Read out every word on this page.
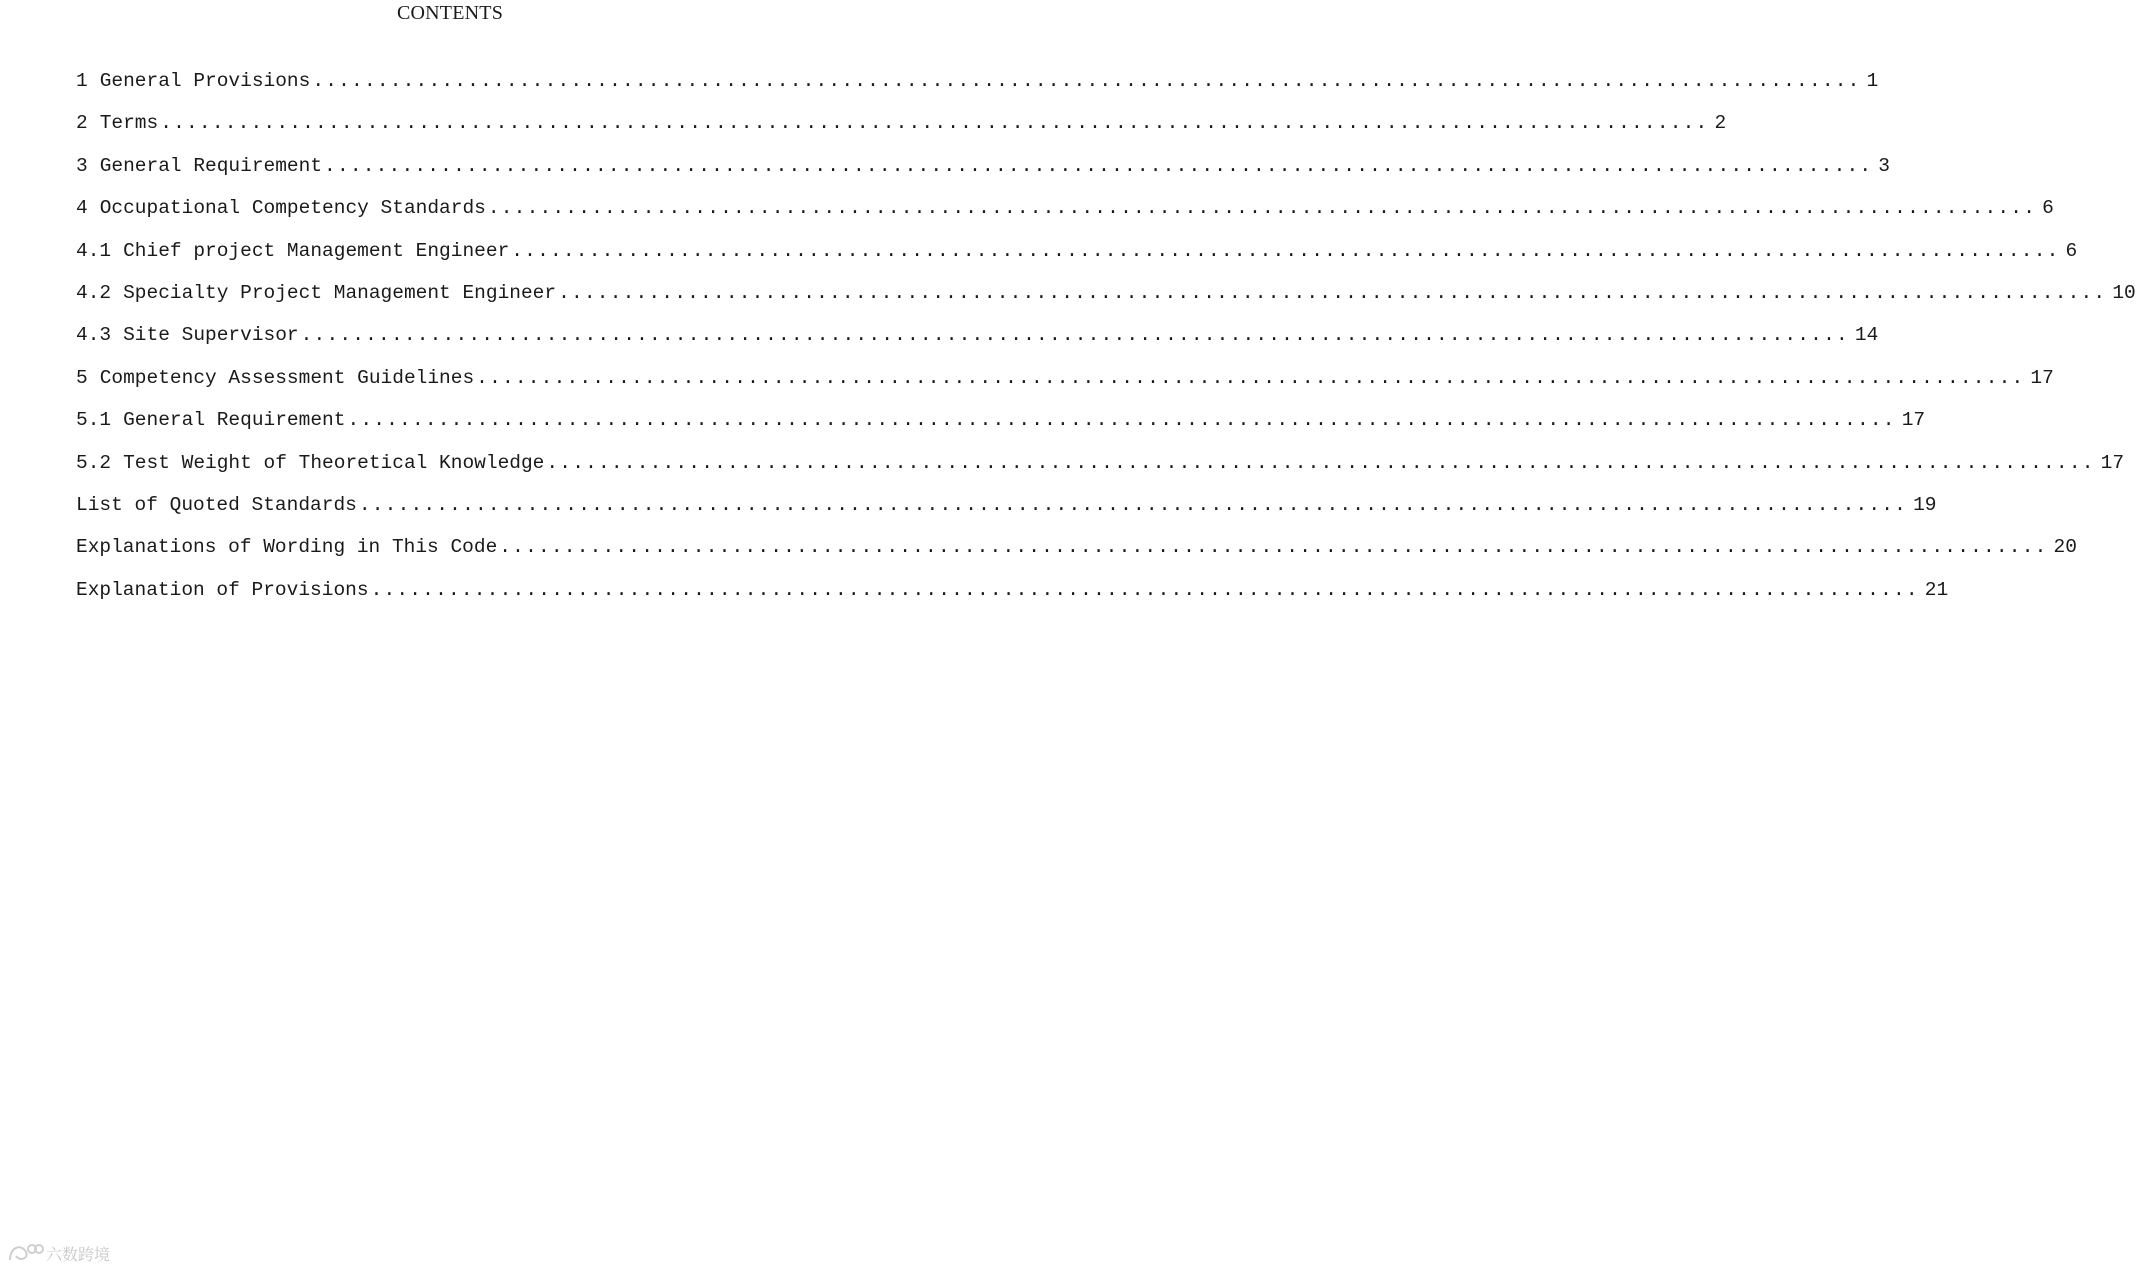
CONTENTS
1 General Provisions ........................................................................................................................ 1
2 Terms ........................................................................................................................ 2
3 General Requirement ........................................................................................................................ 3
4 Occupational Competency Standards ........................................................................................................................ 6
4.1 Chief project Management Engineer ........................................................................................................................ 6
4.2 Specialty Project Management Engineer ........................................................................................................................ 10
4.3 Site Supervisor ........................................................................................................................ 14
5 Competency Assessment Guidelines ........................................................................................................................ 17
5.1 General Requirement ........................................................................................................................ 17
5.2 Test Weight of Theoretical Knowledge ........................................................................................................................ 17
List of Quoted Standards ........................................................................................................................ 19
Explanations of Wording in This Code ........................................................................................................................ 20
Explanation of Provisions ........................................................................................................................ 21
六数跨境
